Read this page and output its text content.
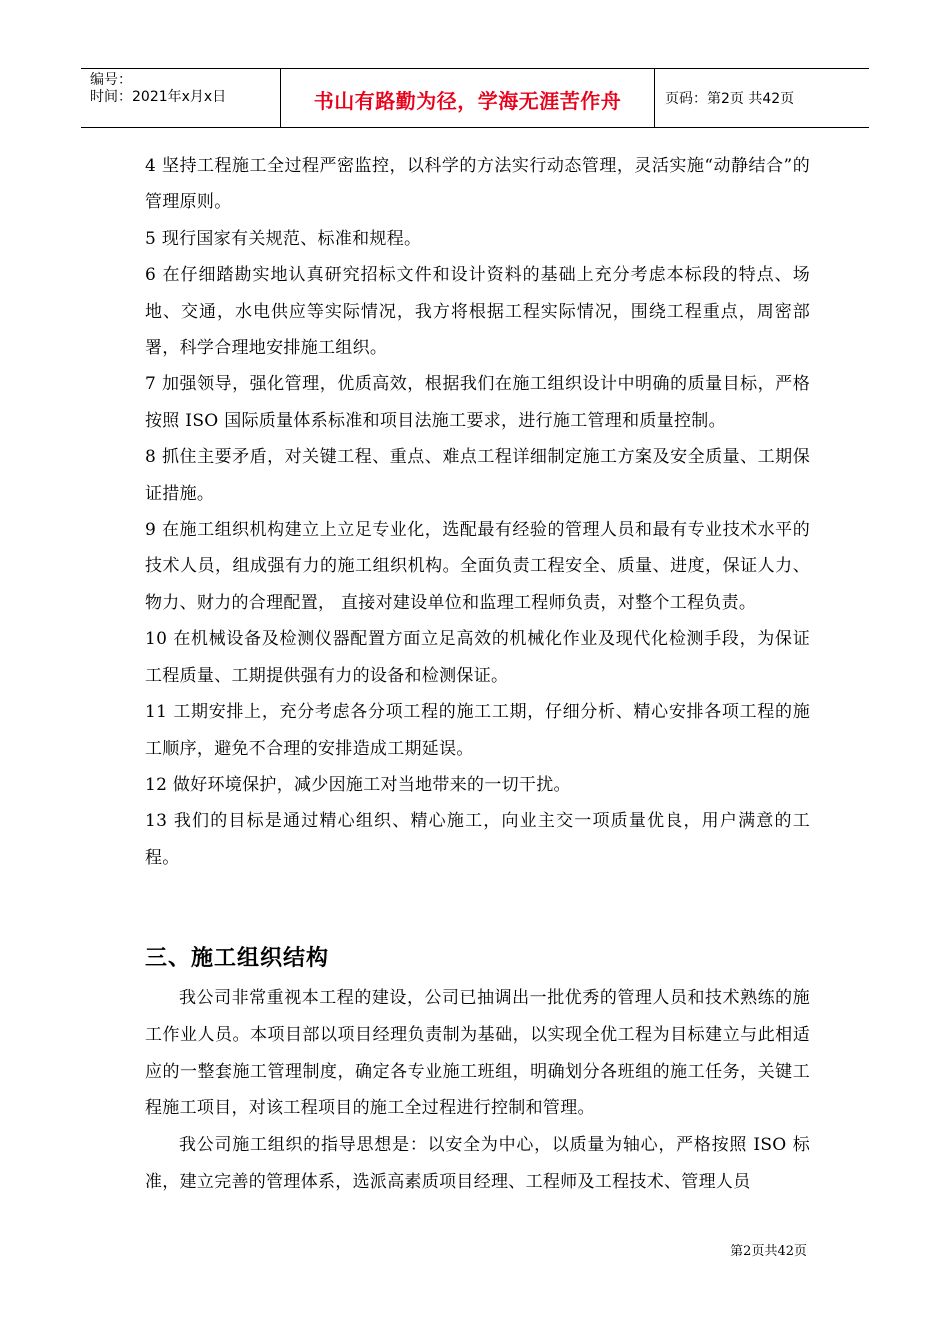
编号：
时间：2021年x月x日	书山有路勤为径，学海无涯苦作舟	页码：第2页 共42页

4 坚持工程施工全过程严密监控，以科学的方法实行动态管理，灵活实施“动静结合”的管理原则。

5 现行国家有关规范、标准和规程。

6 在仔细踏勘实地认真研究招标文件和设计资料的基础上充分考虑本标段的特点、场地、交通，水电供应等实际情况，我方将根据工程实际情况，围绕工程重点，周密部署，科学合理地安排施工组织。

7 加强领导，强化管理，优质高效，根据我们在施工组织设计中明确的质量目标，严格按照 ISO 国际质量体系标准和项目法施工要求，进行施工管理和质量控制。

8 抓住主要矛盾，对关键工程、重点、难点工程详细制定施工方案及安全质量、工期保证措施。

9 在施工组织机构建立上立足专业化，选配最有经验的管理人员和最有专业技术水平的技术人员，组成强有力的施工组织机构。全面负责工程安全、质量、进度，保证人力、物力、财力的合理配置， 直接对建设单位和监理工程师负责，对整个工程负责。

10 在机械设备及检测仪器配置方面立足高效的机械化作业及现代化检测手段，为保证工程质量、工期提供强有力的设备和检测保证。

11 工期安排上，充分考虑各分项工程的施工工期，仔细分析、精心安排各项工程的施工顺序，避免不合理的安排造成工期延误。

12 做好环境保护，减少因施工对当地带来的一切干扰。

13 我们的目标是通过精心组织、精心施工，向业主交一项质量优良，用户满意的工程。

三、施工组织结构

我公司非常重视本工程的建设，公司已抽调出一批优秀的管理人员和技术熟练的施工作业人员。本项目部以项目经理负责制为基础，以实现全优工程为目标建立与此相适应的一整套施工管理制度，确定各专业施工班组，明确划分各班组的施工任务，关键工程施工项目，对该工程项目的施工全过程进行控制和管理。

我公司施工组织的指导思想是：以安全为中心，以质量为轴心，严格按照 ISO 标准，建立完善的管理体系，选派高素质项目经理、工程师及工程技术、管理人员

第2页共42页
